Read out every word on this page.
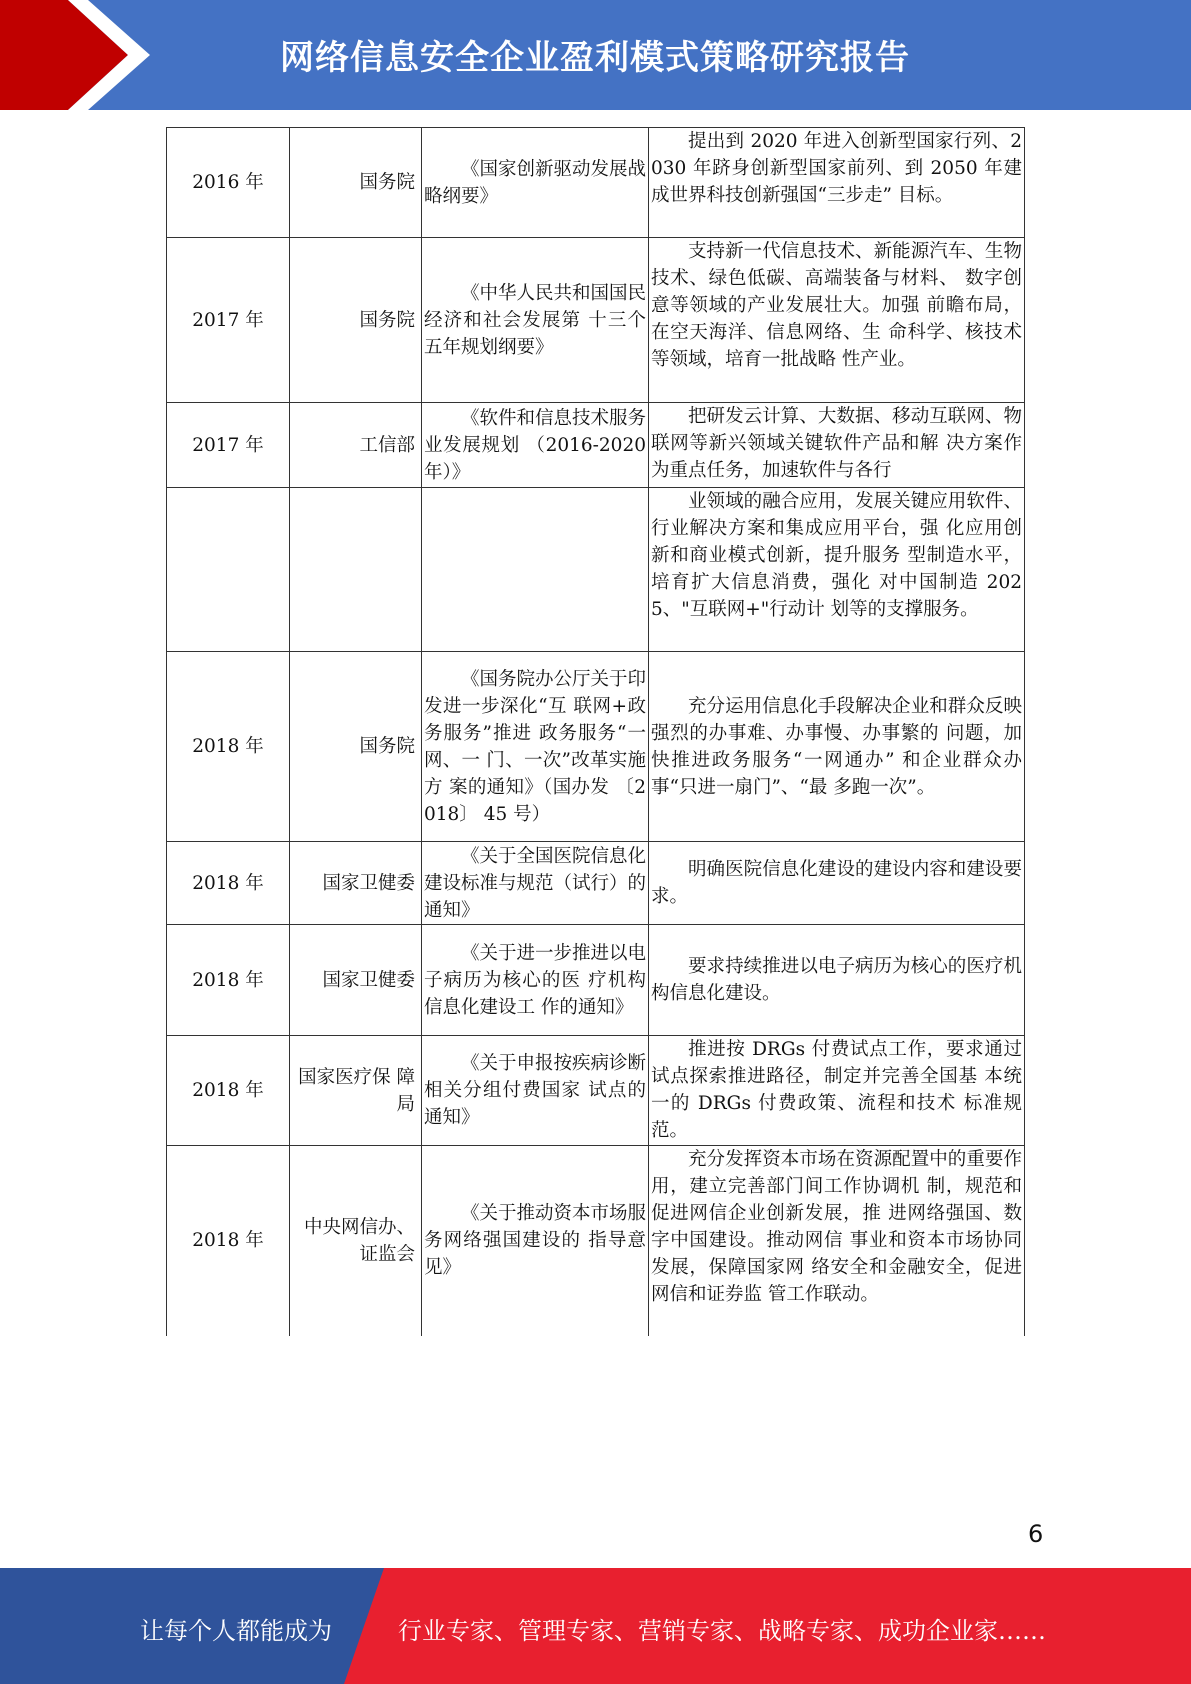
网络信息安全企业盈利模式策略研究报告
2016 年	国务院	《国家创新驱动发展战略纲要》	提出到 2020 年进入创新型国家行列、2030 年跻身创新型国家前列、到 2050 年建成世界科技创新强国“三步走” 目标。
2017 年	国务院	《中华人民共和国国民经济和社会发展第 十三个五年规划纲要》	支持新一代信息技术、新能源汽车、生物技术、绿色低碳、高端装备与材料、 数字创意等领域的产业发展壮大。加强 前瞻布局，在空天海洋、信息网络、生 命科学、核技术等领域，培育一批战略 性产业。
2017 年	工信部	《软件和信息技术服务业发展规划 （2016-2020 年）》	把研发云计算、大数据、移动互联网、物联网等新兴领域关键软件产品和解 决方案作为重点任务，加速软件与各行
			业领域的融合应用，发展关键应用软件、行业解决方案和集成应用平台，强 化应用创新和商业模式创新，提升服务 型制造水平，培育扩大信息消费，强化 对中国制造 2025、"互联网+"行动计 划等的支撑服务。
2018 年	国务院	《国务院办公厅关于印发进一步深化“互 联网+政务服务”推进 政务服务“一网、一 门、一次”改革实施方 案的通知》（国办发 〔2018〕 45 号）	充分运用信息化手段解决企业和群众反映强烈的办事难、办事慢、办事繁的 问题，加快推进政务服务“一网通办” 和企业群众办事“只进一扇门”、“最 多跑一次”。
2018 年	国家卫健委	《关于全国医院信息化建设标准与规范（试行）的通知》	明确医院信息化建设的建设内容和建设要求。
2018 年	国家卫健委	《关于进一步推进以电子病历为核心的医 疗机构信息化建设工 作的通知》	要求持续推进以电子病历为核心的医疗机构信息化建设。
2018 年	国家医疗保 障局	《关于申报按疾病诊断相关分组付费国家 试点的通知》	推进按 DRGs 付费试点工作，要求通过试点探索推进路径，制定并完善全国基 本统一的 DRGs 付费政策、流程和技术 标准规范。
2018 年	中央网信办、证监会	《关于推动资本市场服务网络强国建设的 指导意见》	充分发挥资本市场在资源配置中的重要作用，建立完善部门间工作协调机 制，规范和促进网信企业创新发展，推 进网络强国、数字中国建设。推动网信 事业和资本市场协同发展，保障国家网 络安全和金融安全，促进网信和证券监 管工作联动。
6
让每个人都能成为	行业专家、管理专家、营销专家、战略专家、成功企业家……
